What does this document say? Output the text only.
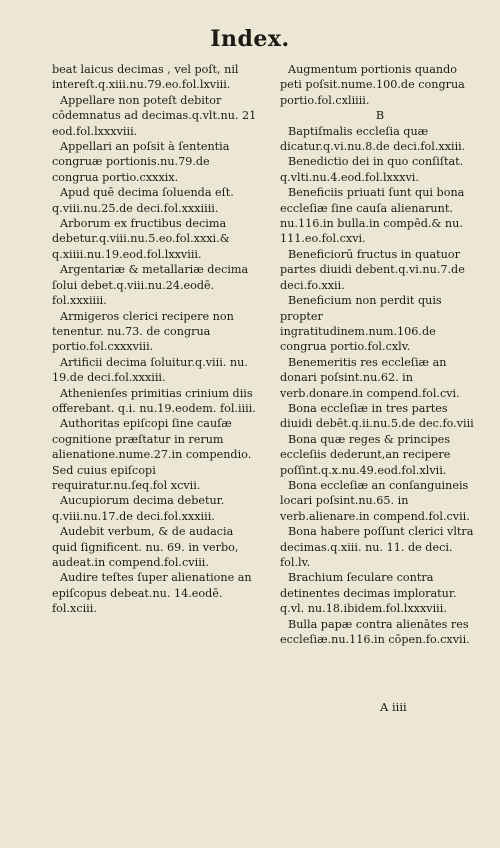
Index.

beat laicus decimas , vel poſt, nil intereſt.q.xiii.nu.79.eo.fol.lxviii.

Appellare non poteſt debitor cōdemnatus ad decimas.q.vlt.nu. 21 eod.fol.lxxxviii.

Appellari an poſsit à ſententia congruæ portionis.nu.79.de congrua portio.cxxxix.

Apud quē decima ſoluenda eſt. q.viii.nu.25.de deci.fol.xxxiiii.

Arborum ex fructibus decima debetur.q.viii.nu.5.eo.fol.xxxi.& q.xiiii.nu.19.eod.fol.lxxviii.

Argentariæ & metallariæ decima ſolui debet.q.viii.nu.24.eodē. fol.xxxiiii.

Armigeros clerici recipere non tenentur. nu.73. de congrua portio.fol.cxxxviii.

Artificii decima ſoluitur.q.viii. nu. 19.de deci.fol.xxxiii.

Athenienſes primitias crinium diis offerebant. q.i. nu.19.eodem. fol.iiii.

Authoritas epiſcopi ſine cauſæ cognitione præſtatur in rerum alienatione.nume.27.in compendio. Sed cuius epiſcopi requiratur.nu.ſeq.fol xcvii.

Aucupiorum decima debetur. q.viii.nu.17.de deci.fol.xxxiii.

Audebit verbum, & de audacia quid ſignificent. nu. 69. in verbo, audeat.in compend.fol.cviii.

Audire teſtes ſuper alienatione an epiſcopus debeat.nu. 14.eodē. fol.xciii.

Augmentum portionis quando peti poſsit.nume.100.de congrua portio.fol.cxliiii.

B

Baptiſmalis eccleſia quæ dicatur.q.vi.nu.8.de deci.fol.xxiii.

Benedictio dei in quo conſiſtat. q.vlti.nu.4.eod.fol.lxxxvi.

Beneficiis priuati ſunt qui bona eccleſiæ ſine cauſa alienarunt. nu.116.in bulla.in compēd.& nu. 111.eo.fol.cxvi.

Beneficiorū fructus in quatuor partes diuidi debent.q.vi.nu.7.de deci.fo.xxii.

Beneficium non perdit quis propter ingratitudinem.num.106.de congrua portio.fol.cxlv.

Benemeritis res eccleſiæ an donari poſsint.nu.62. in verb.donare.in compend.fol.cvi.

Bona eccleſiæ in tres partes diuidi debēt.q.ii.nu.5.de dec.fo.viii

Bona quæ reges & principes eccleſiis dederunt,an recipere poſſint.q.x.nu.49.eod.fol.xlvii.

Bona eccleſiæ an conſanguineis locari poſsint.nu.65. in verb.alienare.in compend.fol.cvii.

Bona habere poſſunt clerici vltra decimas.q.xiii. nu. 11. de deci. fol.lv.

Brachium ſeculare contra detinentes decimas imploratur. q.vl. nu.18.ibidem.fol.lxxxviii.

Bulla papæ contra alienātes res eccleſiæ.nu.116.in cōpen.fo.cxvii.

A iiii
